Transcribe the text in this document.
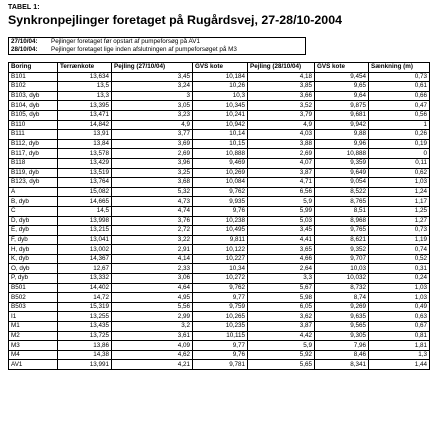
TABEL 1:
Synkronpejlinger foretaget på Rugårdsvej, 27-28/10-2004
27/10/04:	Pejlinger foretaget før opstart af pumpeforsøg på AV1
28/10/04:	Pejlinger foretaget lige inden afslutningen af pumpeforsøget på M3
Boring	Terrænkote	Pejling (27/10/04)	GVS kote	Pejling (28/10/04)	GVS kote	Sænkning (m)
B101	13,634	3,45	10,184	4,18	9,454	0,73
B102	13,5	3,24	10,26	3,85	9,65	0,61
B103, dyb	13,3	3	10,3	3,66	9,64	0,66
B104, dyb	13,395	3,05	10,345	3,52	9,875	0,47
B105, dyb	13,471	3,23	10,241	3,79	9,681	0,56
B110	14,842	4,9	10,942	4,9	9,942	1
B111	13,91	3,77	10,14	4,03	9,88	0,26
B112, dyb	13,84	3,69	10,15	3,88	9,96	0,19
B117, dyb	13,578	2,69	10,888	2,69	10,888	0
B118	13,429	3,96	9,469	4,07	9,359	0,11
B119, dyb	13,519	3,25	10,269	3,87	9,649	0,62
B123, dyb	13,764	3,68	10,084	4,71	9,054	1,03
A	15,082	5,32	9,762	6,56	8,522	1,24
B, dyb	14,665	4,73	9,935	5,9	8,765	1,17
C	14,5	4,74	9,76	5,99	8,51	1,25
D, dyb	13,998	3,76	10,238	5,03	8,968	1,27
E, dyb	13,215	2,72	10,495	3,45	9,765	0,73
F, dyb	13,041	3,22	9,811	4,41	8,621	1,19
H, dyb	13,002	2,91	10,122	3,65	9,352	0,74
K, dyb	14,367	4,14	10,227	4,66	9,707	0,52
O, dyb	12,67	2,33	10,34	2,64	10,03	0,31
P, dyb	13,332	3,06	10,272	3,3	10,032	0,24
B501	14,402	4,64	9,762	5,67	8,732	1,03
B502	14,72	4,95	9,77	5,98	8,74	1,03
B503	15,319	5,56	9,759	6,05	9,269	0,49
I1	13,255	2,99	10,265	3,62	9,635	0,63
M1	13,435	3,2	10,235	3,87	9,565	0,67
M2	13,725	3,61	10,115	4,42	9,305	0,81
M3	13,86	4,09	9,77	5,9	7,96	1,81
M4	14,38	4,62	9,76	5,92	8,46	1,3
AV1	13,991	4,21	9,781	5,65	8,341	1,44
